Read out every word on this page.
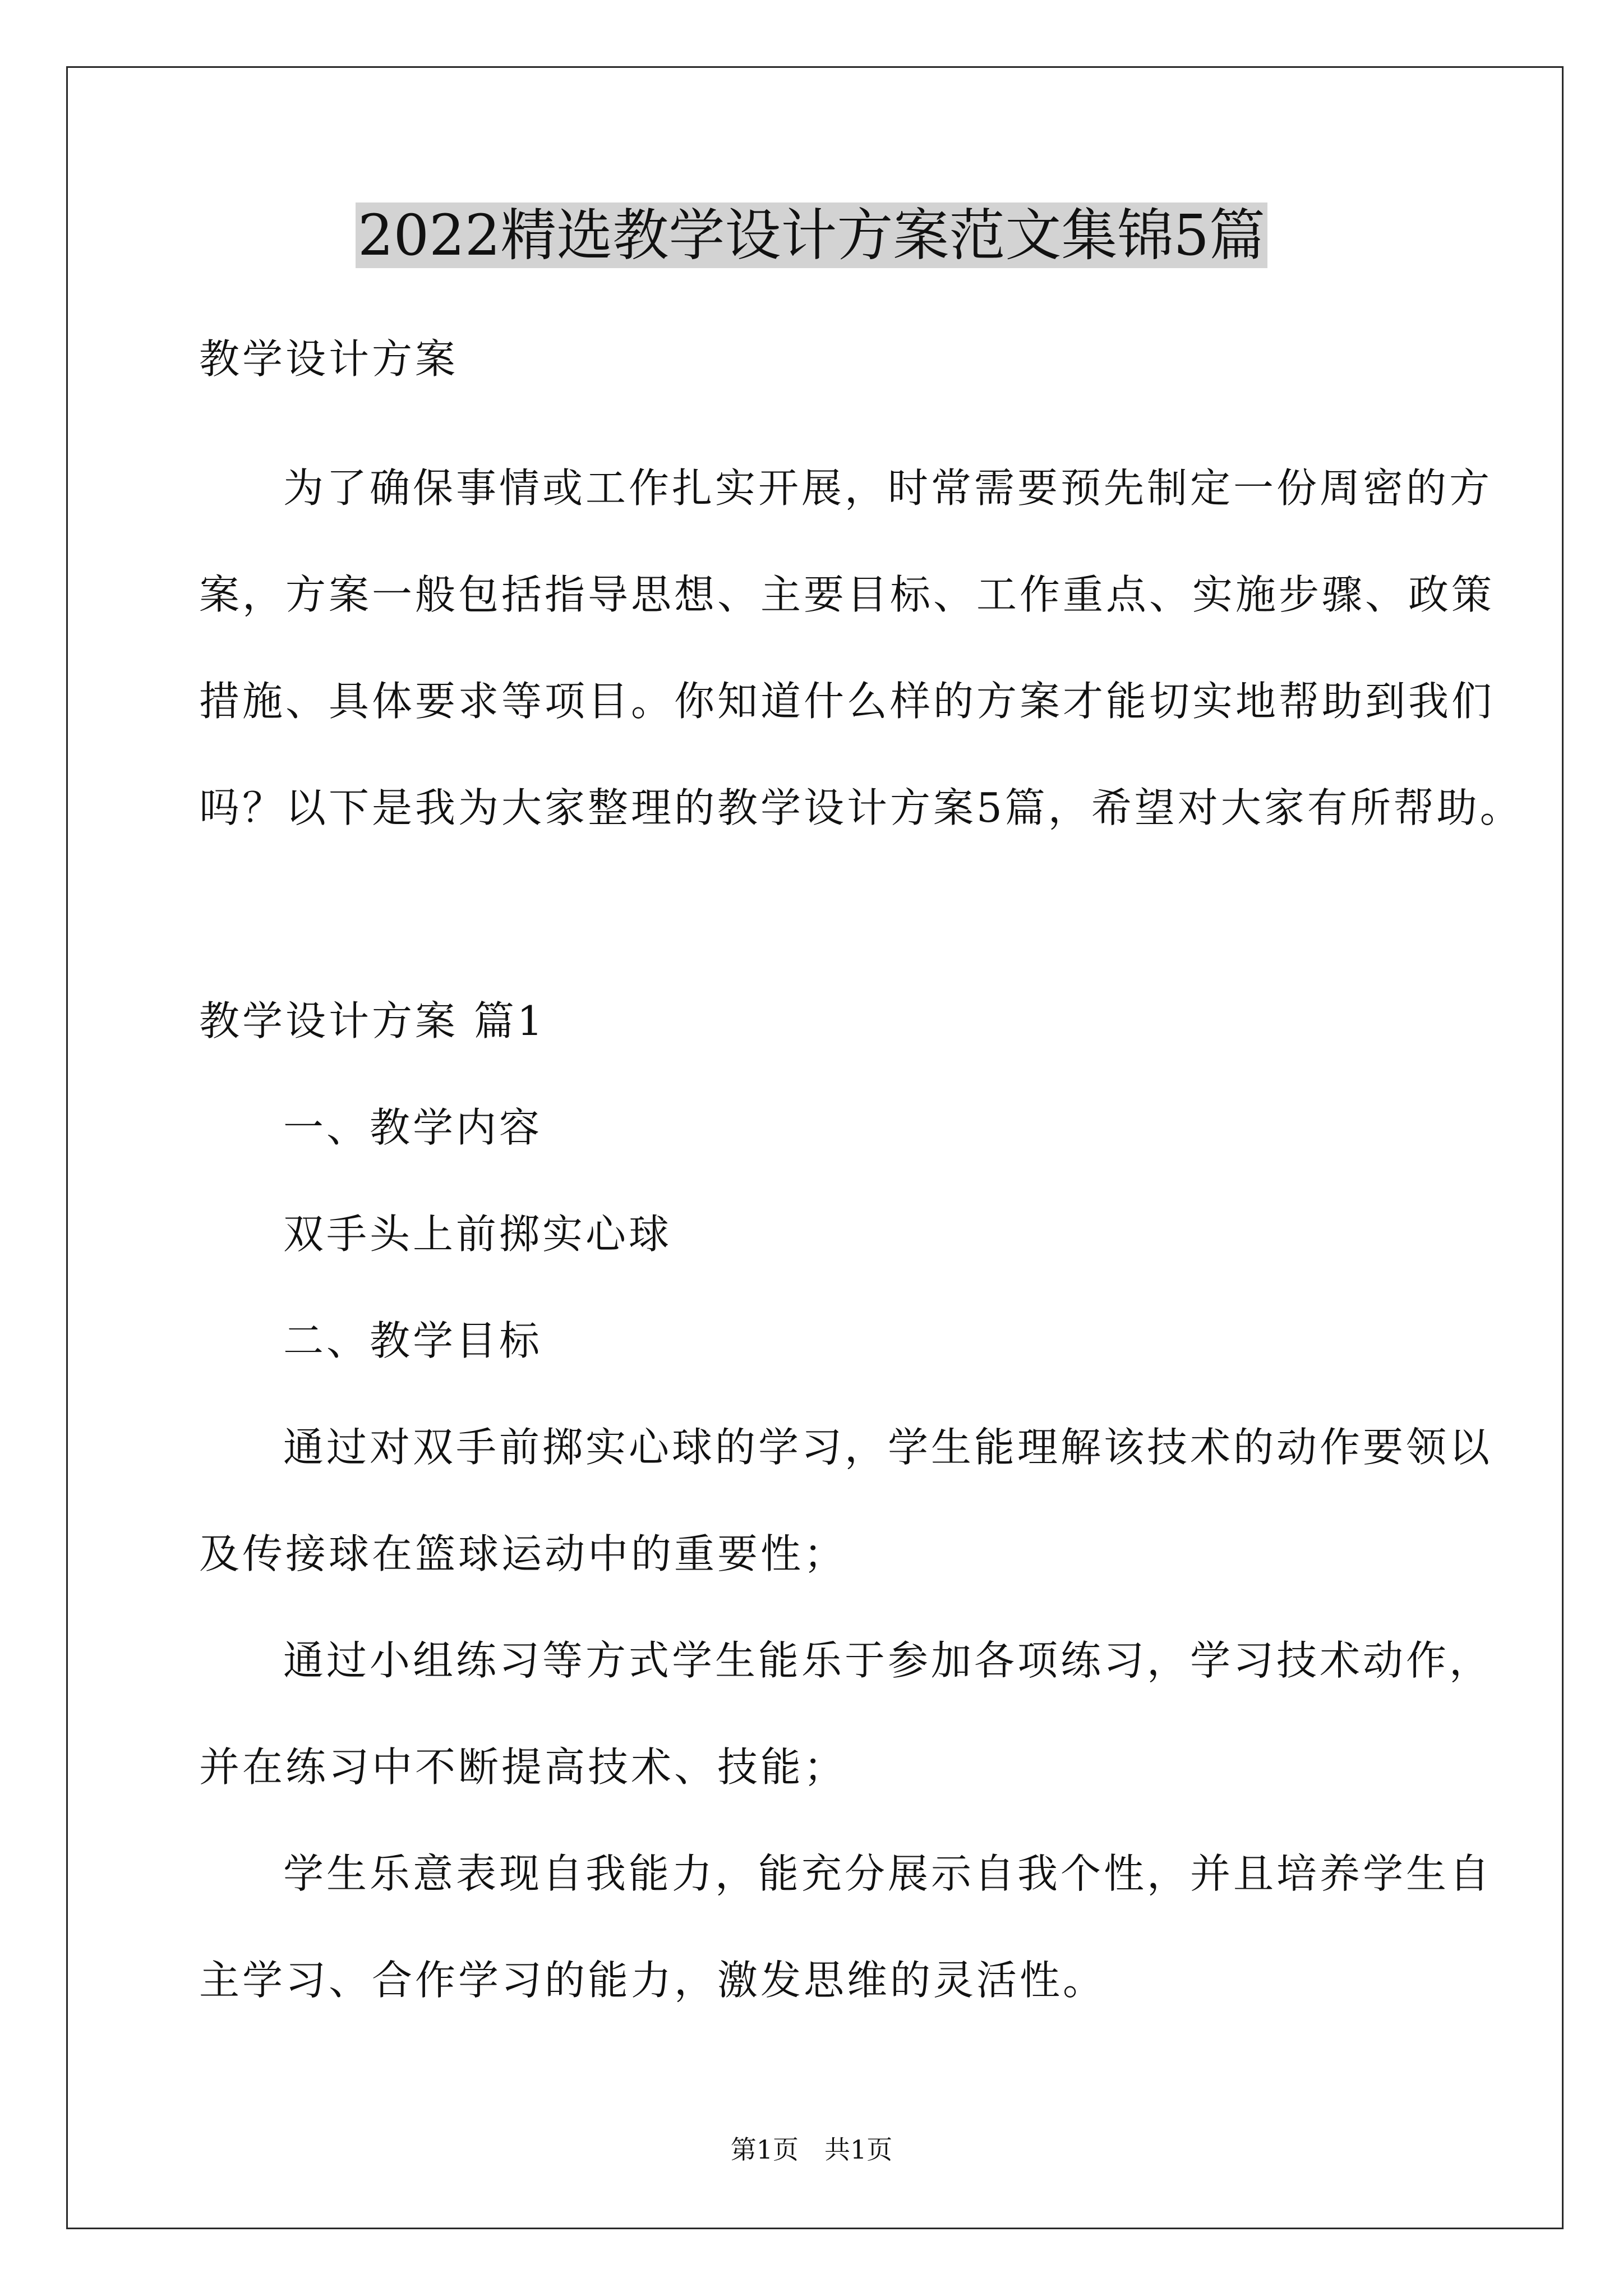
2022精选教学设计方案范文集锦5篇
教学设计方案
为了确保事情或工作扎实开展，时常需要预先制定一份周密的方
案，方案一般包括指导思想、主要目标、工作重点、实施步骤、政策
措施、具体要求等项目。你知道什么样的方案才能切实地帮助到我们
吗？以下是我为大家整理的教学设计方案5篇，希望对大家有所帮助。
教学设计方案 篇1
一、教学内容
双手头上前掷实心球
二、教学目标
通过对双手前掷实心球的学习，学生能理解该技术的动作要领以
及传接球在篮球运动中的重要性；
通过小组练习等方式学生能乐于参加各项练习，学习技术动作，
并在练习中不断提高技术、技能；
学生乐意表现自我能力，能充分展示自我个性，并且培养学生自
主学习、合作学习的能力，激发思维的灵活性。
第1页　共1页
